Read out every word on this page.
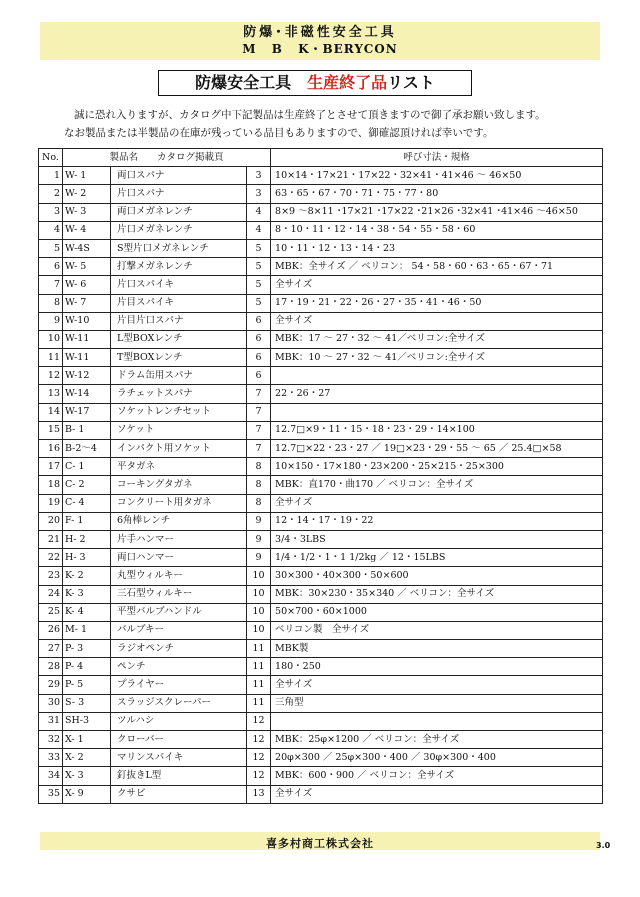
防爆･非磁性安全工具
M B K・BERYCON
防爆安全工具　生産終了品リスト

誠に恐れ入りますが、カタログ中下記製品は生産終了とさせて頂きますので御了承お願い致します。

なお製品または半製品の在庫が残っている品目もありますので、御確認頂ければ幸いです。

No.	製品名　　カタログ掲載頁			呼び寸法・規格
1	W- 1	両口スパナ	3	10×14・17×21・17×22・32×41・41×46 ～ 46×50
2	W- 2	片口スパナ	3	63・65・67・70・71・75・77・80
3	W- 3	両口メガネレンチ	4	8×9 ～8×11 ･17×21 ･17×22 ･21×26 ･32×41 ･41×46 ～46×50
4	W- 4	片口メガネレンチ	4	8・10・11・12・14・38・54・55・58・60
5	W-4S	S型片口メガネレンチ	5	10・11・12・13・14・23
6	W- 5	打撃メガネレンチ	5	MBK：全サイズ ／ ベリコン： 54・58・60・63・65・67・71
7	W- 6	片口スパイキ	5	全サイズ
8	W- 7	片目スパイキ	5	17・19・21・22・26・27・35・41・46・50
9	W-10	片目片口スパナ	6	全サイズ
10	W-11	L型BOXレンチ	6	MBK：17 ～ 27・32 ～ 41／ベリコン:全サイズ
11	W-11	T型BOXレンチ	6	MBK：10 ～ 27・32 ～ 41／ベリコン:全サイズ
12	W-12	ドラム缶用スパナ	6	
13	W-14	ラチェットスパナ	7	22・26・27
14	W-17	ソケットレンチセット	7	
15	B- 1	ソケット	7	12.7□×9・11・15・18・23・29・14×100
16	B-2～4	インパクト用ソケット	7	12.7□×22・23・27 ／ 19□×23・29・55 ～ 65 ／ 25.4□×58
17	C- 1	平タガネ	8	10×150・17×180・23×200・25×215・25×300
18	C- 2	コーキングタガネ	8	MBK：直170・曲170 ／ ベリコン：全サイズ
19	C- 4	コンクリート用タガネ	8	全サイズ
20	F- 1	6角棒レンチ	9	12・14・17・19・22
21	H- 2	片手ハンマー	9	3/4・3LBS
22	H- 3	両口ハンマー	9	1/4・1/2・1・1 1/2kg ／ 12・15LBS
23	K- 2	丸型ウィルキー	10	30×300・40×300・50×600
24	K- 3	三石型ウィルキー	10	MBK：30×230・35×340 ／ ベリコン：全サイズ
25	K- 4	平型バルブハンドル	10	50×700・60×1000
26	M- 1	バルブキー	10	ベリコン製　全サイズ
27	P- 3	ラジオペンチ	11	MBK製
28	P- 4	ペンチ	11	180・250
29	P- 5	プライヤー	11	全サイズ
30	S- 3	スラッジスクレーパー	11	三角型
31	SH-3	ツルハシ	12	
32	X- 1	クローバー	12	MBK：25φ×1200 ／ ベリコン：全サイズ
33	X- 2	マリンスパイキ	12	20φ×300 ／ 25φ×300・400 ／ 30φ×300・400
34	X- 3	釘抜きL型	12	MBK：600・900 ／ ベリコン：全サイズ
35	X- 9	クサビ	13	全サイズ
喜多村商工株式会社	3.0
